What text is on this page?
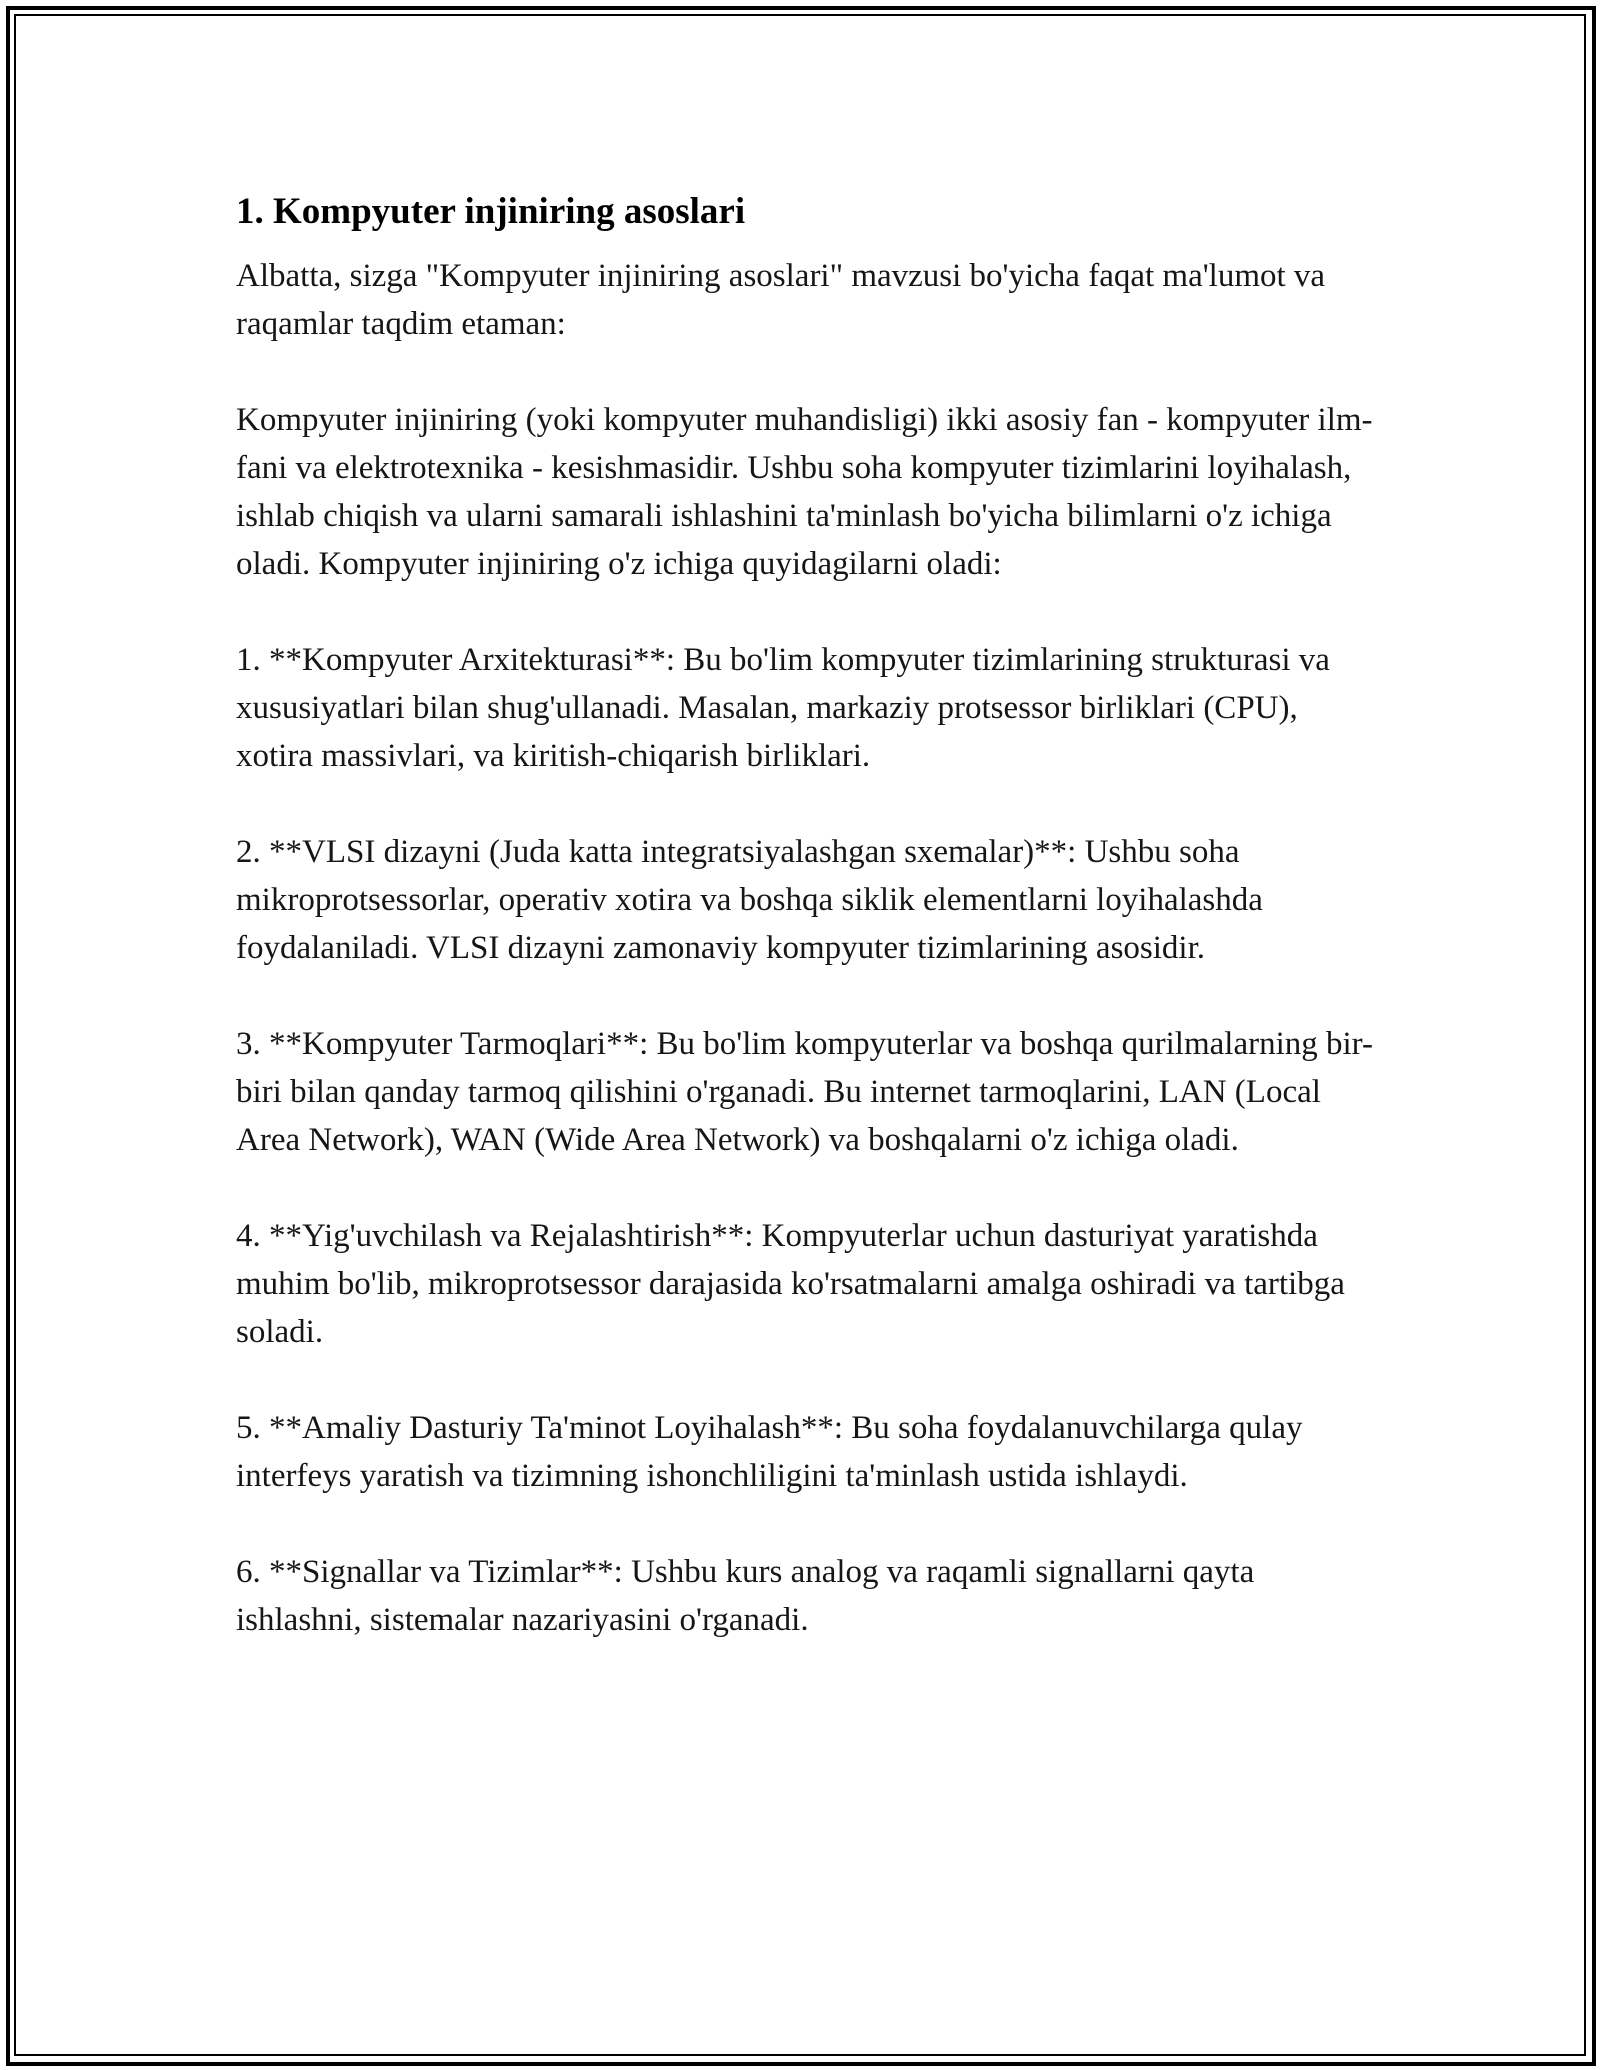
1. Kompyuter injiniring asoslari

Albatta, sizga "Kompyuter injiniring asoslari" mavzusi bo'yicha faqat ma'lumot va raqamlar taqdim etaman:

Kompyuter injiniring (yoki kompyuter muhandisligi) ikki asosiy fan - kompyuter ilm-fani va elektrotexnika - kesishmasidir. Ushbu soha kompyuter tizimlarini loyihalash, ishlab chiqish va ularni samarali ishlashini ta'minlash bo'yicha bilimlarni o'z ichiga oladi. Kompyuter injiniring o'z ichiga quyidagilarni oladi:

1. **Kompyuter Arxitekturasi**: Bu bo'lim kompyuter tizimlarining strukturasi va xususiyatlari bilan shug'ullanadi. Masalan, markaziy protsessor birliklari (CPU), xotira massivlari, va kiritish-chiqarish birliklari.

2. **VLSI dizayni (Juda katta integratsiyalashgan sxemalar)**: Ushbu soha mikroprotsessorlar, operativ xotira va boshqa siklik elementlarni loyihalashda foydalaniladi. VLSI dizayni zamonaviy kompyuter tizimlarining asosidir.

3. **Kompyuter Tarmoqlari**: Bu bo'lim kompyuterlar va boshqa qurilmalarning bir-biri bilan qanday tarmoq qilishini o'rganadi. Bu internet tarmoqlarini, LAN (Local Area Network), WAN (Wide Area Network) va boshqalarni o'z ichiga oladi.

4. **Yig'uvchilash va Rejalashtirish**: Kompyuterlar uchun dasturiyat yaratishda muhim bo'lib, mikroprotsessor darajasida ko'rsatmalarni amalga oshiradi va tartibga soladi.

5. **Amaliy Dasturiy Ta'minot Loyihalash**: Bu soha foydalanuvchilarga qulay interfeys yaratish va tizimning ishonchliligini ta'minlash ustida ishlaydi.

6. **Signallar va Tizimlar**: Ushbu kurs analog va raqamli signallarni qayta ishlashni, sistemalar nazariyasini o'rganadi.
